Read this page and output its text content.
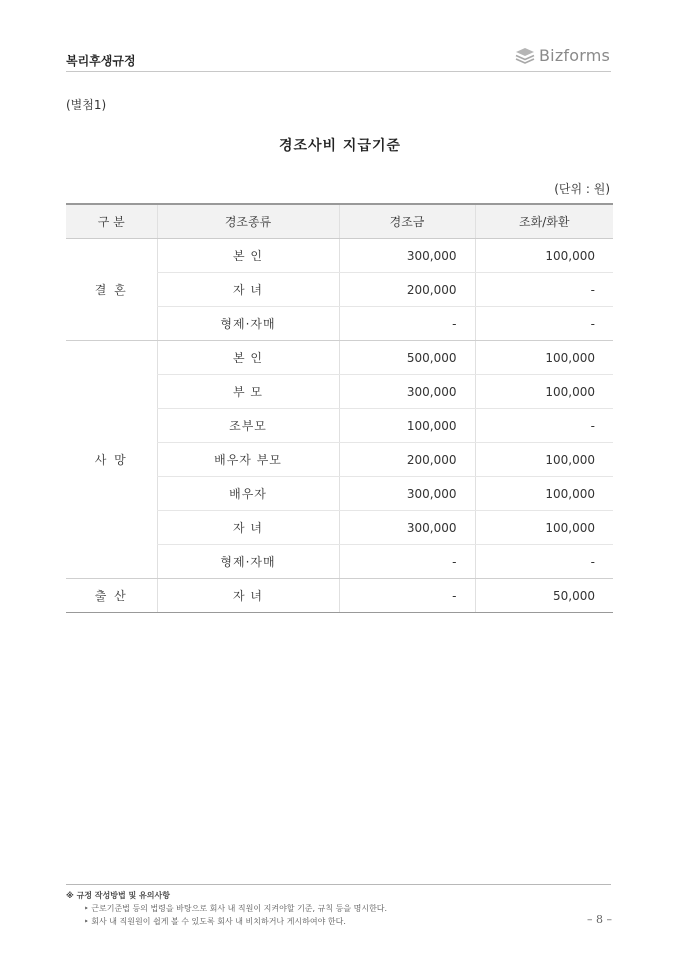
복리후생규정	Bizforms
(별첨1)
경조사비 지급기준
(단위 : 원)
구 분	경조종류	경조금	조화/화환
결 혼	본 인	300,000	100,000
	자 녀	200,000	-
	형제·자매	-	-
사 망	본 인	500,000	100,000
	부 모	300,000	100,000
	조부모	100,000	-
	배우자 부모	200,000	100,000
	배우자	300,000	100,000
	자 녀	300,000	100,000
	형제·자매	-	-
출 산	자 녀	-	50,000
※ 규정 작성방법 및 유의사항
‣ 근로기준법 등의 법령을 바탕으로 회사 내 직원이 지켜야할 기준, 규칙 등을 명시한다.
‣ 회사 내 직원원이 쉽게 볼 수 있도록 회사 내 비치하거나 게시하여야 한다.	– 8 –
